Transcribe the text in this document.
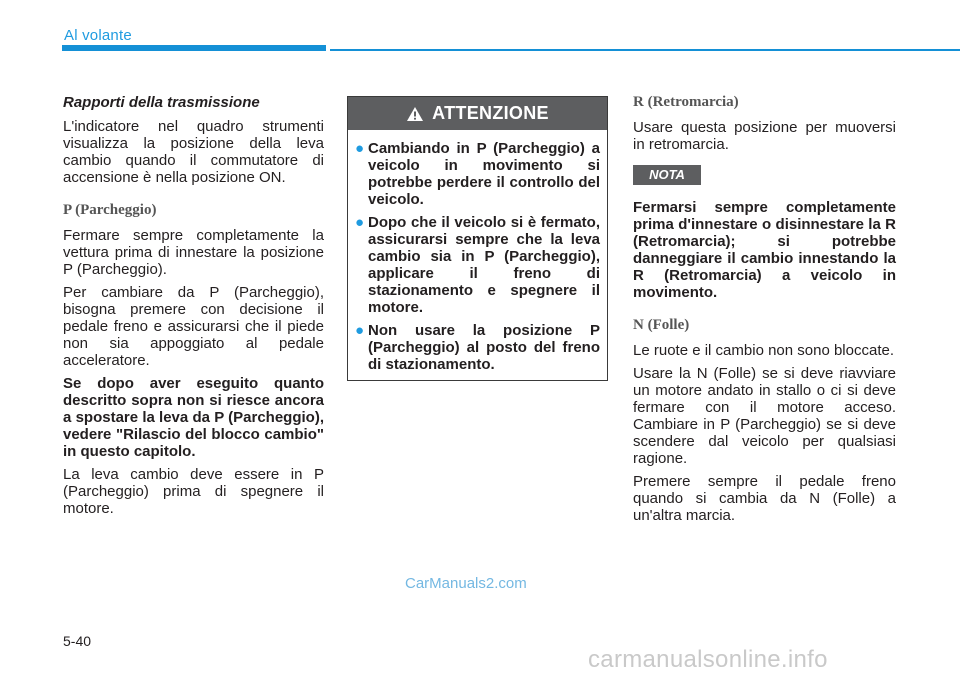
Al volante

Rapporti della trasmissione

L'indicatore nel quadro strumenti visualizza la posizione della leva cambio quando il commutatore di accensione è nella posizione ON.

P (Parcheggio)

Fermare sempre completamente la vettura prima di innestare la posizione P (Parcheggio).

Per cambiare da P (Parcheggio), bisogna premere con decisione il pedale freno e assicurarsi che il piede non sia appoggiato al pedale acceleratore.

Se dopo aver eseguito quanto descritto sopra non si riesce ancora a spostare la leva da P (Parcheggio), vedere "Rilascio del blocco cambio" in questo capitolo.

La leva cambio deve essere in P (Parcheggio) prima di spegnere il motore.

ATTENZIONE
● Cambiando in P (Parcheggio) a veicolo in movimento si potrebbe perdere il controllo del veicolo.
● Dopo che il veicolo si è fermato, assicurarsi sempre che la leva cambio sia in P (Parcheggio), applicare il freno di stazionamento e spegnere il motore.
● Non usare la posizione P (Parcheggio) al posto del freno di stazionamento.

R (Retromarcia)

Usare questa posizione per muoversi in retromarcia.

NOTA

Fermarsi sempre completamente prima d'innestare o disinnestare la R (Retromarcia); si potrebbe danneggiare il cambio innestando la R (Retromarcia) a veicolo in movimento.

N (Folle)

Le ruote e il cambio non sono bloccate.

Usare la N (Folle) se si deve riavviare un motore andato in stallo o ci si deve fermare con il motore acceso. Cambiare in P (Parcheggio) se si deve scendere dal veicolo per qualsiasi ragione.

Premere sempre il pedale freno quando si cambia da N (Folle) a un'altra marcia.

CarManuals2.com
5-40
carmanualsonline.info
